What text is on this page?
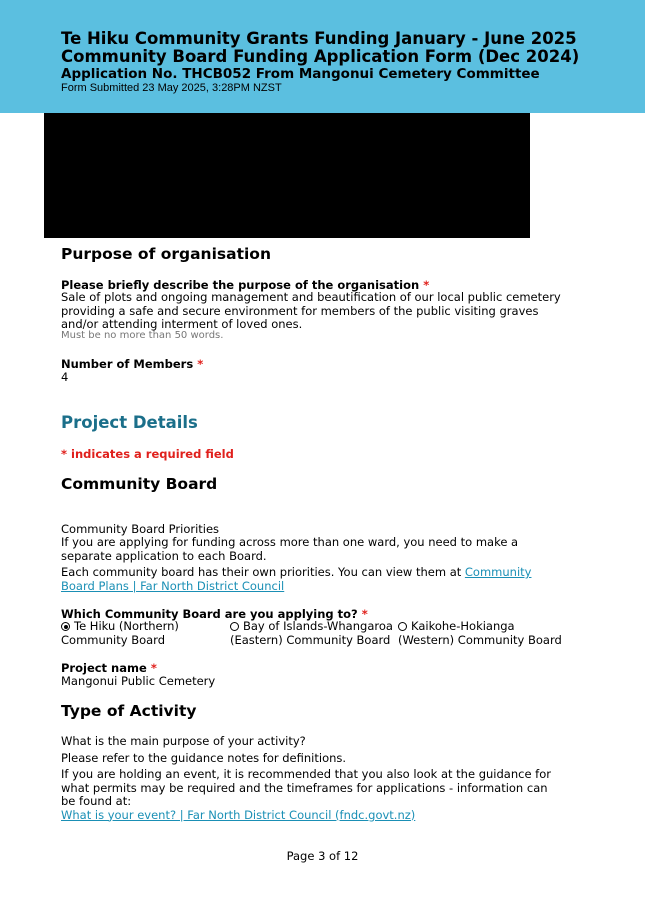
Te Hiku Community Grants Funding January - June 2025
Community Board Funding Application Form (Dec 2024)
Application No. THCB052 From Mangonui Cemetery Committee
Form Submitted 23 May 2025, 3:28PM NZST
Purpose of organisation
Please briefly describe the purpose of the organisation *
Sale of plots and ongoing management and beautification of our local public cemetery providing a safe and secure environment for members of the public visiting graves and/or attending interment of loved ones.
Must be no more than 50 words.
Number of Members *
4
Project Details
* indicates a required field
Community Board
Community Board Priorities
If you are applying for funding across more than one ward, you need to make a separate application to each Board.
Each community board has their own priorities. You can view them at Community Board Plans | Far North District Council
Which Community Board are you applying to? *
Te Hiku (Northern) Community Board
Bay of Islands-Whangaroa (Eastern) Community Board
Kaikohe-Hokianga (Western) Community Board
Project name *
Mangonui Public Cemetery
Type of Activity
What is the main purpose of your activity?
Please refer to the guidance notes for definitions.
If you are holding an event, it is recommended that you also look at the guidance for what permits may be required and the timeframes for applications - information can be found at:
What is your event? | Far North District Council (fndc.govt.nz)
Page 3 of 12
